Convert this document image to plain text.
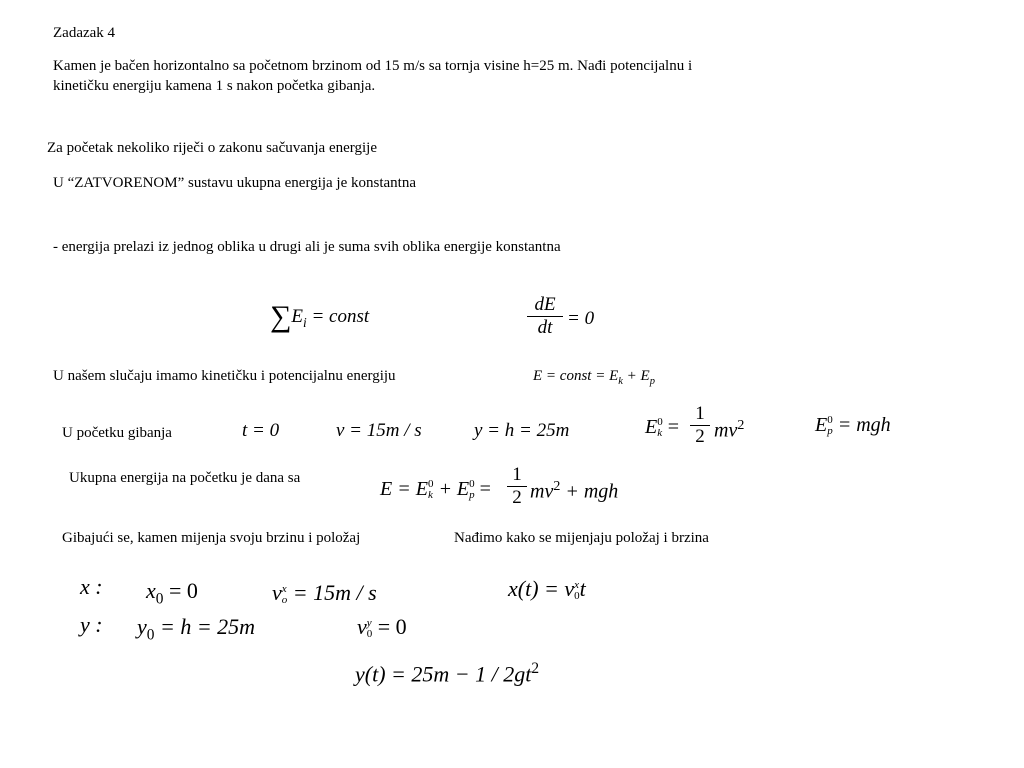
Zadazak 4
Kamen je bačen horizontalno sa početnom brzinom od 15 m/s sa tornja visine h=25 m. Nađi potencijalnu i
kinetičku energiju kamena 1 s nakon početka gibanja.
Za početak nekoliko riječi o zakonu sačuvanja energije
U “ZATVORENOM” sustavu ukupna energija je konstantna
- energija prelazi iz jednog oblika u drugi ali je suma svih oblika energije konstantna
$\sum E_i$ = const
dE
dt = 0
U našem slučaju imamo kinetičku i potencijalnu energiju	E = const = $E_k + E_p$
U početku gibanja	t = 0	v = 15m / s	y = h = 25m	E 0
k =
1
2 $mv^2$	E 0
p = mgh
Ukupna energija na početku je dana sa	E = E 0
k + E 0
p =
1
2 $mv^2$ + mgh
Gibajući se, kamen mijenja svoju brzinu i položaj	Nađimo kako se mijenjaju položaj i brzina
x : $x_0 = 0$	v x
o = 15m / s	x(t) = v x
0 t
y : $y_0 = h = 25m$	v y
0 = 0
$y(t) = 25m - 1 / 2gt^2$
